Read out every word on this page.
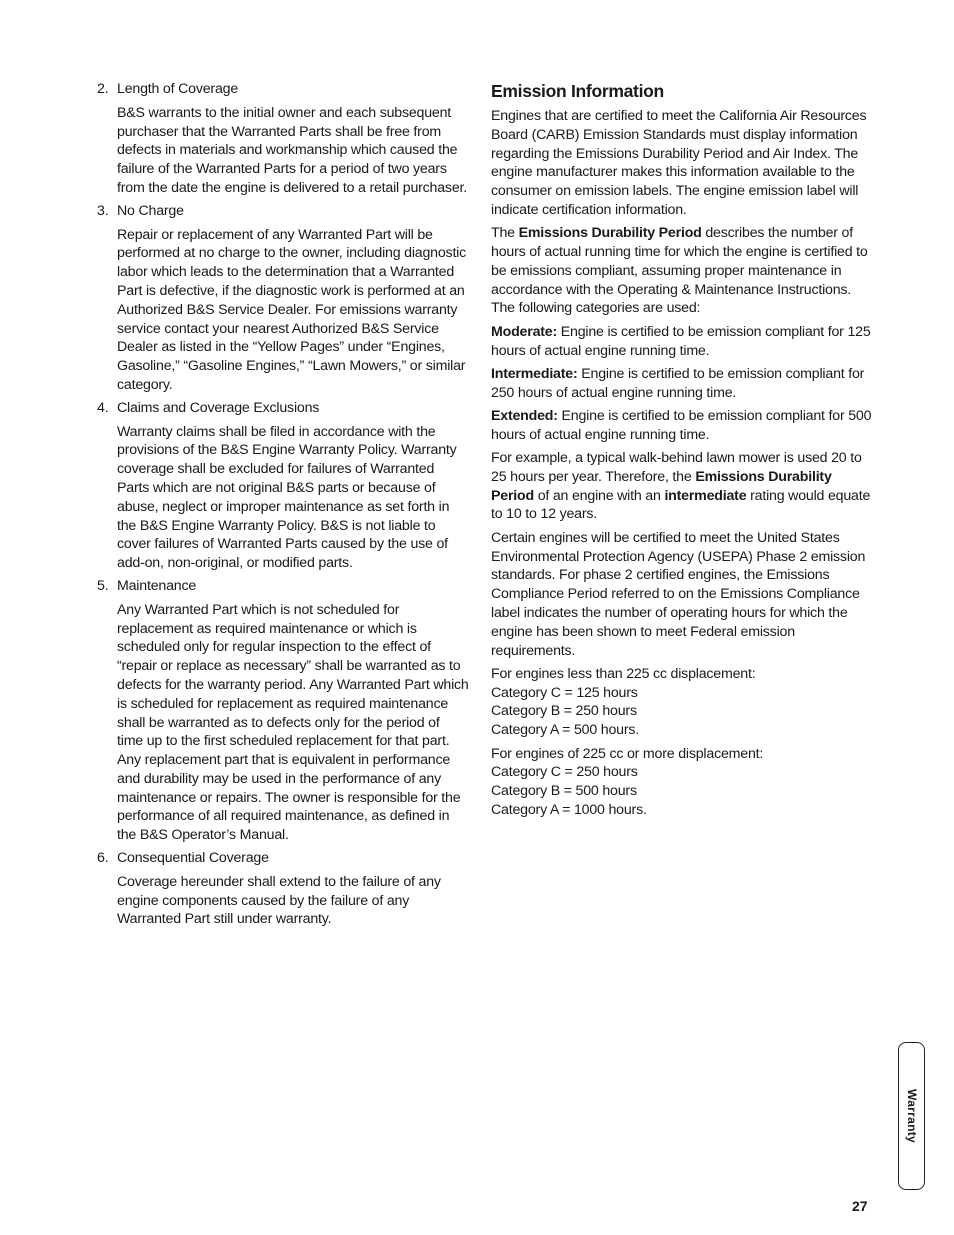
2. Length of Coverage

B&S warrants to the initial owner and each subsequent purchaser that the Warranted Parts shall be free from defects in materials and workmanship which caused the failure of the Warranted Parts for a period of two years from the date the engine is delivered to a retail purchaser.

3. No Charge

Repair or replacement of any Warranted Part will be performed at no charge to the owner, including diagnostic labor which leads to the determination that a Warranted Part is defective, if the diagnostic work is performed at an Authorized B&S Service Dealer. For emissions warranty service contact your nearest Authorized B&S Service Dealer as listed in the “Yellow Pages” under “Engines, Gasoline,” “Gasoline Engines,” “Lawn Mowers,” or similar category.

4. Claims and Coverage Exclusions

Warranty claims shall be filed in accordance with the provisions of the B&S Engine Warranty Policy. Warranty coverage shall be excluded for failures of Warranted Parts which are not original B&S parts or because of abuse, neglect or improper maintenance as set forth in the B&S Engine Warranty Policy. B&S is not liable to cover failures of Warranted Parts caused by the use of add-on, non-original, or modified parts.

5. Maintenance

Any Warranted Part which is not scheduled for replacement as required maintenance or which is scheduled only for regular inspection to the effect of “repair or replace as necessary” shall be warranted as to defects for the warranty period. Any Warranted Part which is scheduled for replacement as required maintenance shall be warranted as to defects only for the period of time up to the first scheduled replacement for that part. Any replacement part that is equivalent in performance and durability may be used in the performance of any maintenance or repairs. The owner is responsible for the performance of all required maintenance, as defined in the B&S Operator’s Manual.

6. Consequential Coverage

Coverage hereunder shall extend to the failure of any engine components caused by the failure of any Warranted Part still under warranty.

Emission Information

Engines that are certified to meet the California Air Resources Board (CARB) Emission Standards must display information regarding the Emissions Durability Period and Air Index. The engine manufacturer makes this information available to the consumer on emission labels. The engine emission label will indicate certification information.

The Emissions Durability Period describes the number of hours of actual running time for which the engine is certified to be emissions compliant, assuming proper maintenance in accordance with the Operating & Maintenance Instructions. The following categories are used:

Moderate: Engine is certified to be emission compliant for 125 hours of actual engine running time.

Intermediate: Engine is certified to be emission compliant for 250 hours of actual engine running time.

Extended: Engine is certified to be emission compliant for 500 hours of actual engine running time.

For example, a typical walk-behind lawn mower is used 20 to 25 hours per year. Therefore, the Emissions Durability Period of an engine with an intermediate rating would equate to 10 to 12 years.

Certain engines will be certified to meet the United States Environmental Protection Agency (USEPA) Phase 2 emission standards. For phase 2 certified engines, the Emissions Compliance Period referred to on the Emissions Compliance label indicates the number of operating hours for which the engine has been shown to meet Federal emission requirements.

For engines less than 225 cc displacement:
Category C = 125 hours
Category B = 250 hours
Category A = 500 hours.

For engines of 225 cc or more displacement:
Category C = 250 hours
Category B = 500 hours
Category A = 1000 hours.

Warranty
27
